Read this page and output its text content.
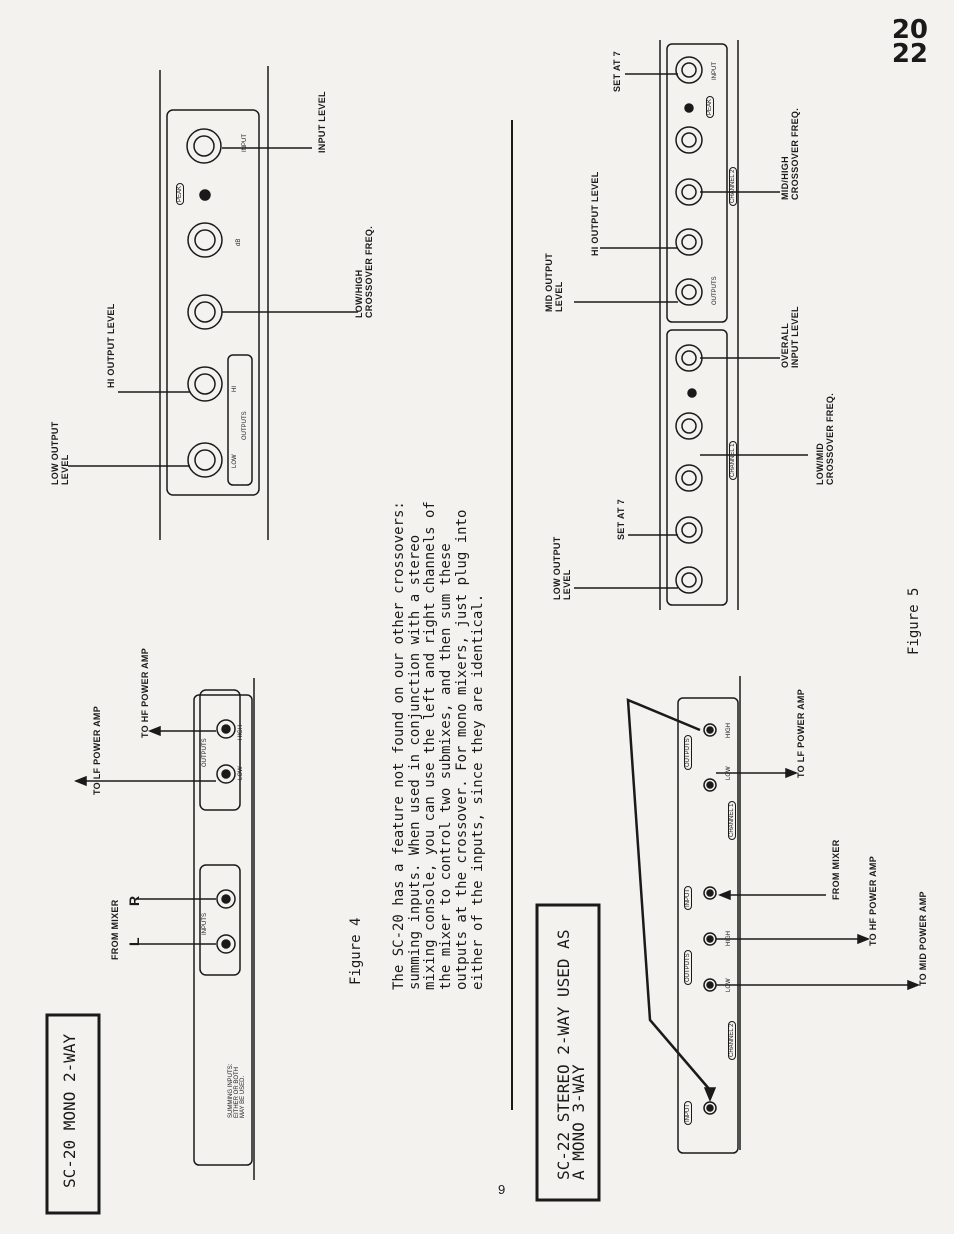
20
22
SC-20 MONO 2-WAY	SC-22 STEREO 2-WAY USED AS
A MONO 3-WAY
FROM MIXER L
R
TO LF POWER AMP
TO HF POWER AMP
SUMMING INPUTS: EITHER OR BOTH MAY BE USED.
INPUTS
OUTPUTS
LOW
HIGH
Figure 4 The SC-20 has a feature not found on our other crossovers: summing inputs. When used in conjunction with a stereo mixing console, you can use the left and right channels of the mixer to control two submixes, and then sum these outputs at the crossover. For mono mixers, just plug into either of the inputs, since they are identical.
LOW OUTPUT LEVEL
HI OUTPUT LEVEL
LOW/HIGH CROSSOVER FREQ.
INPUT LEVEL
INPUT
PEAK
dB
HI
LOW
OUTPUTS
SET AT 7
HI OUTPUT LEVEL
MID OUTPUT LEVEL
MID/HIGH CROSSOVER FREQ.
OVERALL INPUT LEVEL
LOW/MID CROSSOVER FREQ.
SET AT 7
LOW OUTPUT LEVEL
CHANNEL 2
CHANNEL 1
INPUT
PEAK
OUTPUTS
Figure 5
TO LF POWER AMP
FROM MIXER	TO HF POWER AMP	TO MID POWER AMP
INPUT
INPUT
OUTPUTS
OUTPUTS
CHANNEL 2
CHANNEL 1
LOW
HIGH
LOW
HIGH
9
